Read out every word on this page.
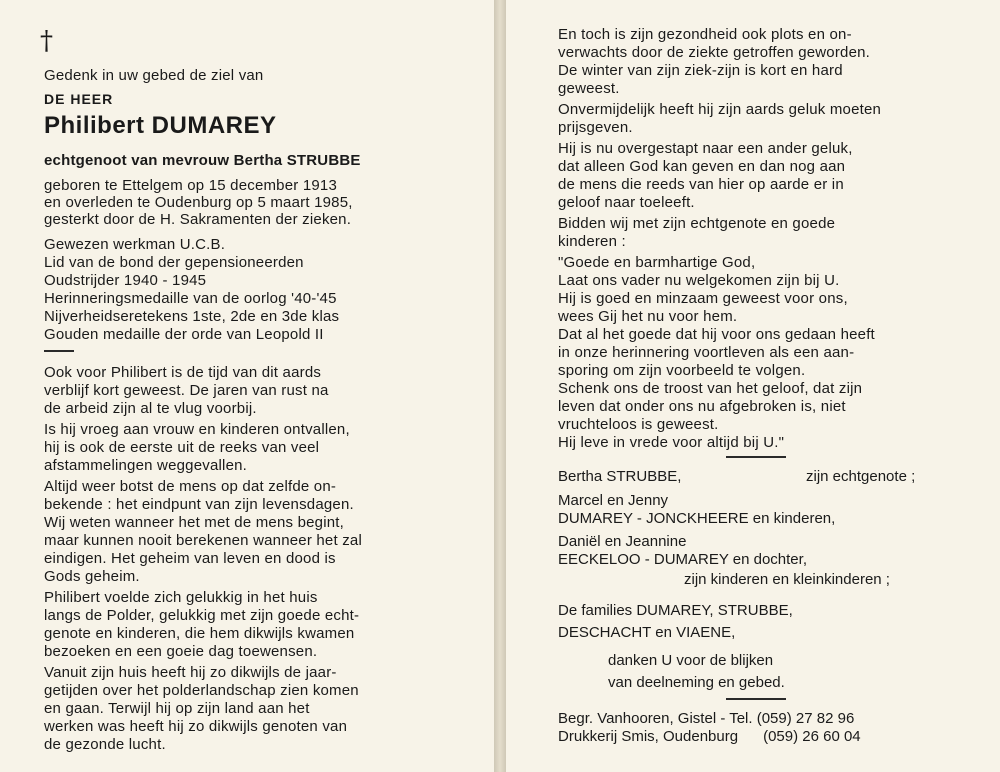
†
Gedenk in uw gebed de ziel van
DE HEER
Philibert DUMAREY
echtgenoot van mevrouw Bertha STRUBBE
geboren te Ettelgem op 15 december 1913
en overleden te Oudenburg op 5 maart 1985,
gesterkt door de H. Sakramenten der zieken.
Gewezen werkman U.C.B.
Lid van de bond der gepensioneerden
Oudstrijder 1940 - 1945
Herinneringsmedaille van de oorlog '40-'45
Nijverheidseretekens 1ste, 2de en 3de klas
Gouden medaille der orde van Leopold II
Ook voor Philibert is de tijd van dit aards
verblijf kort geweest. De jaren van rust na
de arbeid zijn al te vlug voorbij.
Is hij vroeg aan vrouw en kinderen ontvallen,
hij is ook de eerste uit de reeks van veel
afstammelingen weggevallen.
Altijd weer botst de mens op dat zelfde on-
bekende : het eindpunt van zijn levensdagen.
Wij weten wanneer het met de mens begint,
maar kunnen nooit berekenen wanneer het zal
eindigen. Het geheim van leven en dood is
Gods geheim.
Philibert voelde zich gelukkig in het huis
langs de Polder, gelukkig met zijn goede echt-
genote en kinderen, die hem dikwijls kwamen
bezoeken en een goeie dag toewensen.
Vanuit zijn huis heeft hij zo dikwijls de jaar-
getijden over het polderlandschap zien komen
en gaan. Terwijl hij op zijn land aan het
werken was heeft hij zo dikwijls genoten van
de gezonde lucht.
En toch is zijn gezondheid ook plots en on-
verwachts door de ziekte getroffen geworden.
De winter van zijn ziek-zijn is kort en hard
geweest.
Onvermijdelijk heeft hij zijn aards geluk moeten
prijsgeven.
Hij is nu overgestapt naar een ander geluk,
dat alleen God kan geven en dan nog aan
de mens die reeds van hier op aarde er in
geloof naar toeleeft.
Bidden wij met zijn echtgenote en goede
kinderen :
"Goede en barmhartige God,
Laat ons vader nu welgekomen zijn bij U.
Hij is goed en minzaam geweest voor ons,
wees Gij het nu voor hem.
Dat al het goede dat hij voor ons gedaan heeft
in onze herinnering voortleven als een aan-
sporing om zijn voorbeeld te volgen.
Schenk ons de troost van het geloof, dat zijn
leven dat onder ons nu afgebroken is, niet
vruchteloos is geweest.
Hij leve in vrede voor altijd bij U."
Bertha STRUBBE,	zijn echtgenote ;
Marcel en Jenny
DUMAREY - JONCKHEERE en kinderen,
Daniël en Jeannine
EECKELOO - DUMAREY en dochter,
zijn kinderen en kleinkinderen ;
De families DUMAREY, STRUBBE,
DESCHACHT en VIAENE,
danken U voor de blijken
van deelneming en gebed.
Begr. Vanhooren, Gistel - Tel. (059) 27 82 96
Drukkerij Smis, Oudenburg      (059) 26 60 04
